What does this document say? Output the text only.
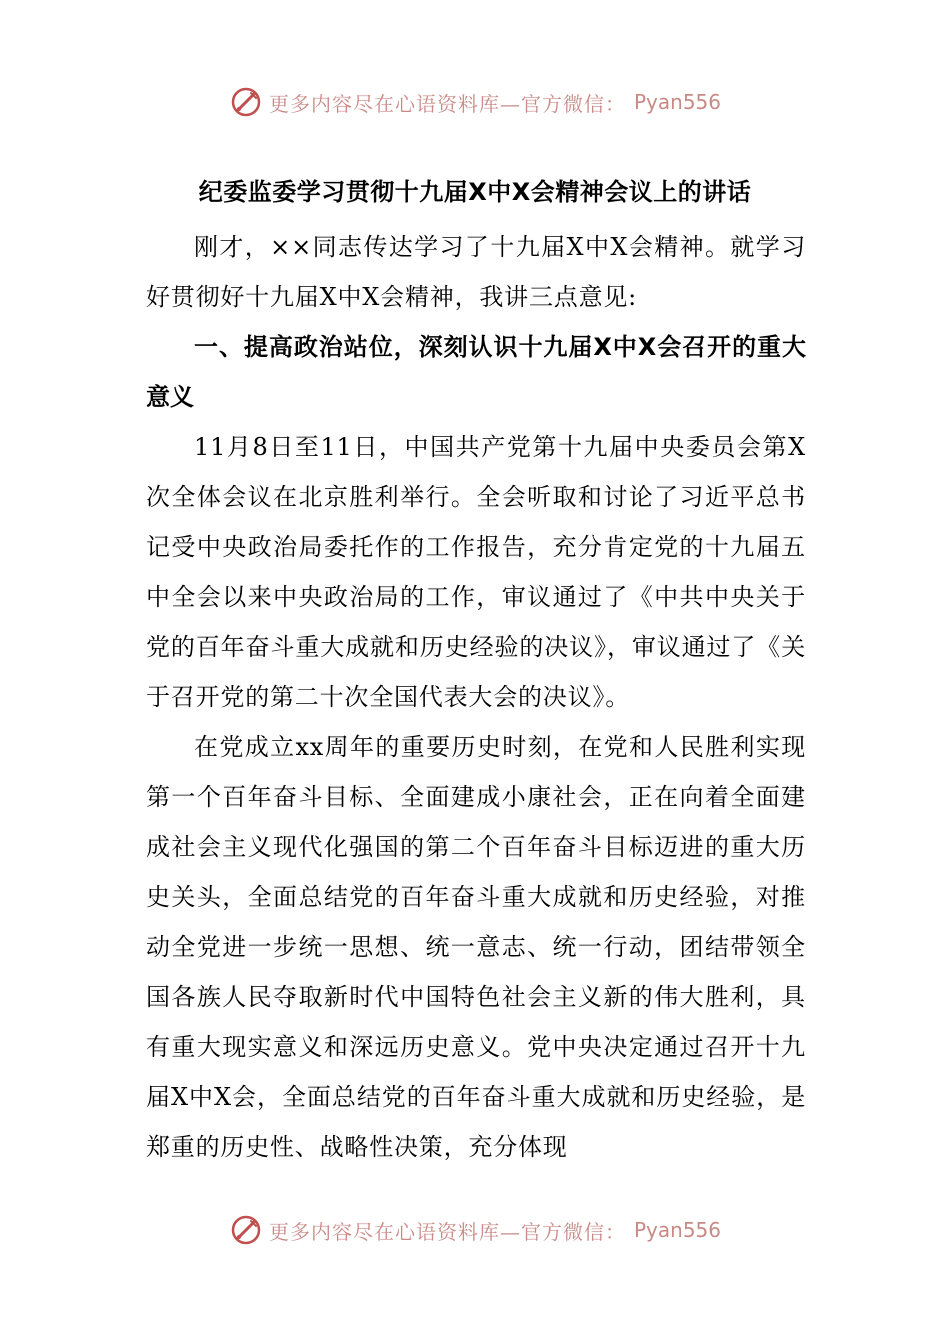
更多内容尽在心语资料库—官方微信： Pyan556
纪委监委学习贯彻十九届X中X会精神会议上的讲话

刚才，××同志传达学习了十九届X中X会精神。就学习好贯彻好十九届X中X会精神，我讲三点意见:

一、提高政治站位，深刻认识十九届X中X会召开的重大意义

11月8日至11日，中国共产党第十九届中央委员会第X次全体会议在北京胜利举行。全会听取和讨论了习近平总书记受中央政治局委托作的工作报告，充分肯定党的十九届五中全会以来中央政治局的工作，审议通过了《中共中央关于党的百年奋斗重大成就和历史经验的决议》，审议通过了《关于召开党的第二十次全国代表大会的决议》。

在党成立xx周年的重要历史时刻，在党和人民胜利实现第一个百年奋斗目标、全面建成小康社会，正在向着全面建成社会主义现代化强国的第二个百年奋斗目标迈进的重大历史关头，全面总结党的百年奋斗重大成就和历史经验，对推动全党进一步统一思想、统一意志、统一行动，团结带领全国各族人民夺取新时代中国特色社会主义新的伟大胜利，具有重大现实意义和深远历史意义。党中央决定通过召开十九届X中X会，全面总结党的百年奋斗重大成就和历史经验，是郑重的历史性、战略性决策，充分体现

更多内容尽在心语资料库—官方微信： Pyan556
